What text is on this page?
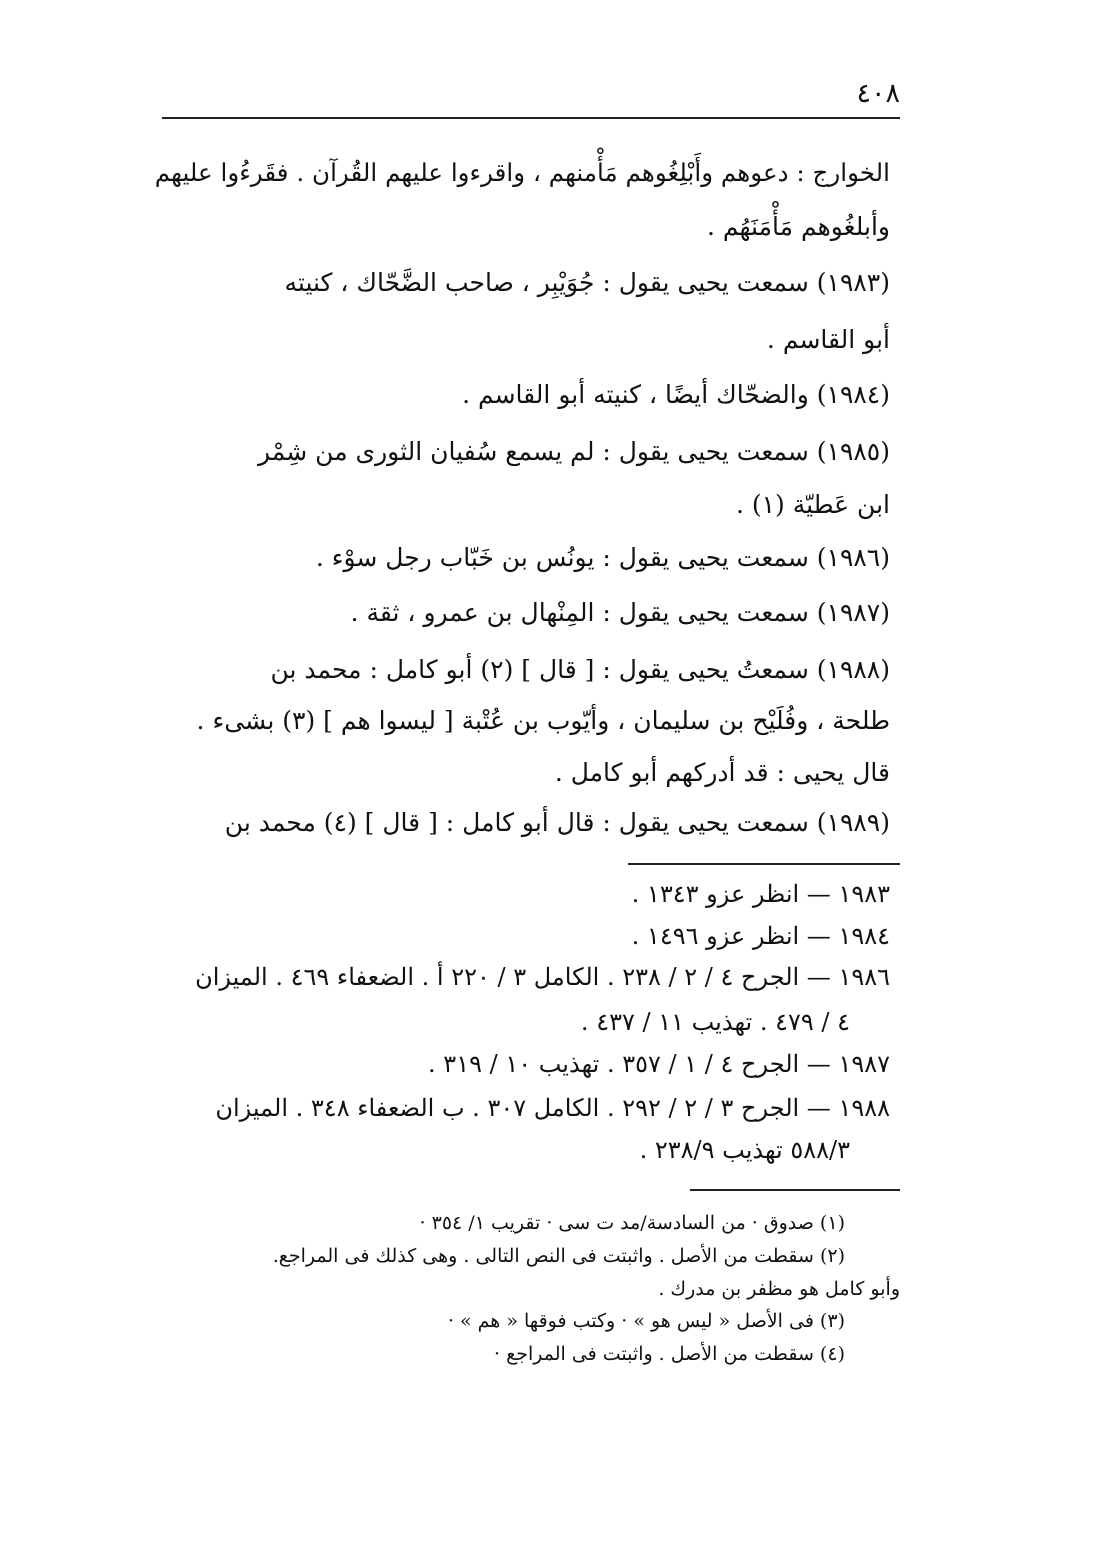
٤٠٨
الخوارج : دعوهم وأَبْلِغُوهم مَأْمنهم ، واقرءوا عليهم القُرآن . فقَرءُوا عليهم
وأبلغُوهم مَأْمَنَهُم .
(١٩٨٣) سمعت يحيى يقول : جُوَيْبِر ، صاحب الضَّحّاك ، كنيته
أبو القاسم .
(١٩٨٤) والضحّاك أيضًا ، كنيته أبو القاسم .
(١٩٨٥) سمعت يحيى يقول : لم يسمع سُفيان الثورى من شِمْر
ابن عَطيّة (١) .
(١٩٨٦) سمعت يحيى يقول : يونُس بن خَبّاب رجل سوْء .
(١٩٨٧) سمعت يحيى يقول : المِنْهال بن عمرو ، ثقة .
(١٩٨٨) سمعتُ يحيى يقول : [ قال ] (٢) أبو كامل : محمد بن
طلحة ، وفُلَيْح بن سليمان ، وأيّوب بن عُتْبة [ ليسوا هم ] (٣) بشىء .
قال يحيى : قد أدركهم أبو كامل .
(١٩٨٩) سمعت يحيى يقول : قال أبو كامل : [ قال ] (٤) محمد بن
١٩٨٣ — انظر عزو ١٣٤٣ .
١٩٨٤ — انظر عزو ١٤٩٦ .
١٩٨٦ — الجرح ٤ / ٢ / ٢٣٨ . الكامل ٣ / ٢٢٠ أ . الضعفاء ٤٦٩ . الميزان
٤ / ٤٧٩ . تهذيب ١١ / ٤٣٧ .
١٩٨٧ — الجرح ٤ / ١ / ٣٥٧ . تهذيب ١٠ / ٣١٩ .
١٩٨٨ — الجرح ٣ / ٢ / ٢٩٢ . الكامل ٣٠٧ . ب الضعفاء ٣٤٨ . الميزان
٥٨٨/٣ تهذيب ٢٣٨/٩ .
(١) صدوق · من السادسة/مد ت سى · تقريب ١/ ٣٥٤ ·
(٢) سقطت من الأصل . واثبتت فى النص التالى . وهى كذلك فى المراجع.
وأبو كامل هو مظفر بن مدرك .
(٣) فى الأصل « ليس هو » · وكتب فوقها « هم » ·
(٤) سقطت من الأصل . واثبتت فى المراجع ·
